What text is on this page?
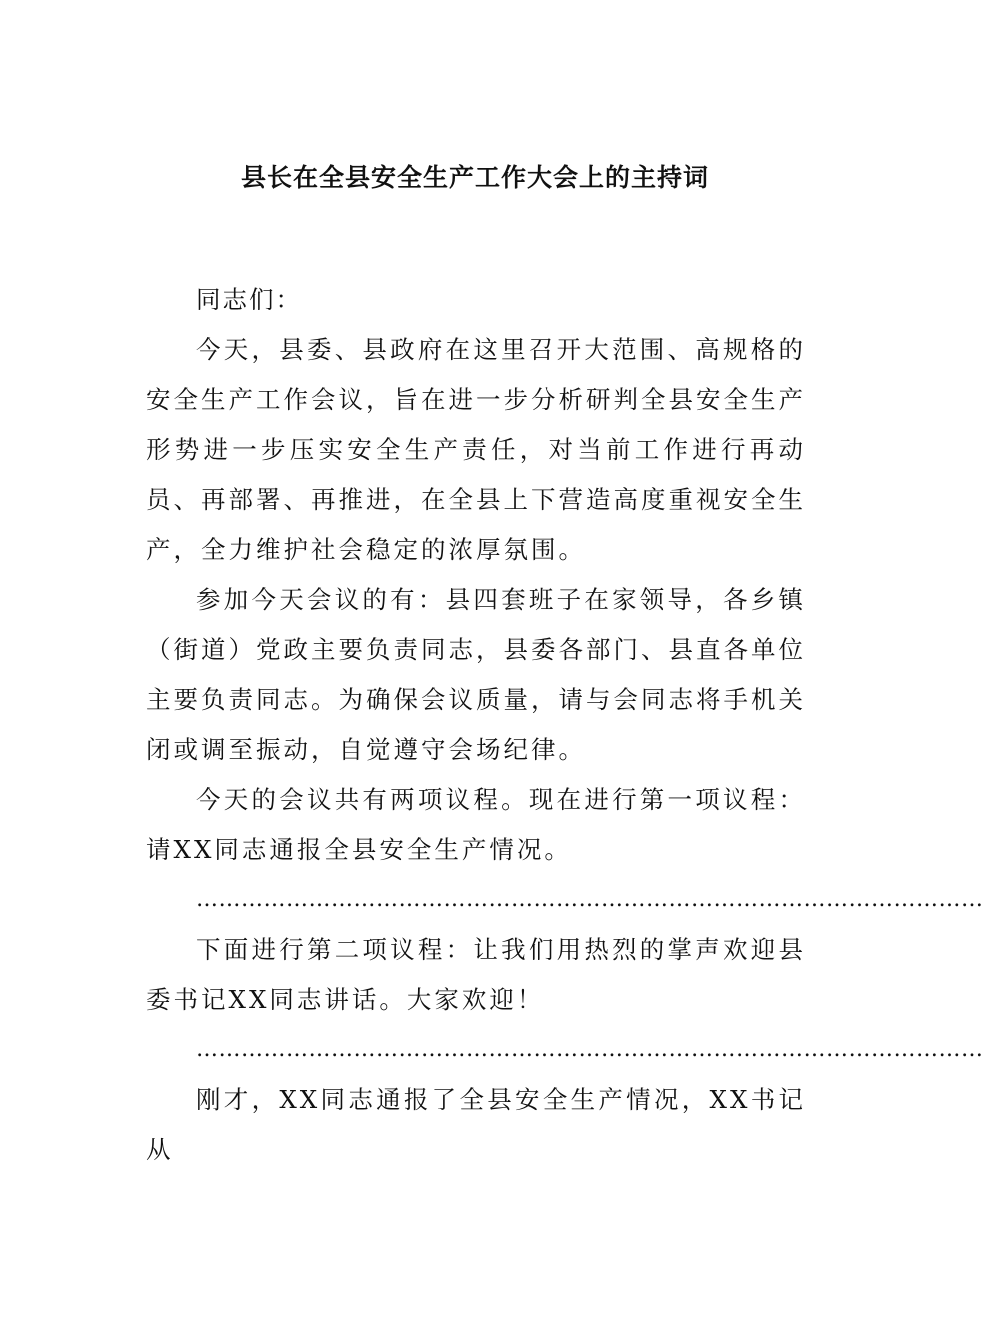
县长在全县安全生产工作大会上的主持词

同志们：

今天，县委、县政府在这里召开大范围、高规格的安全生产工作会议，旨在进一步分析研判全县安全生产形势进一步压实安全生产责任，对当前工作进行再动员、再部署、再推进，在全县上下营造高度重视安全生产，全力维护社会稳定的浓厚氛围。

参加今天会议的有：县四套班子在家领导，各乡镇（街道）党政主要负责同志，县委各部门、县直各单位主要负责同志。为确保会议质量，请与会同志将手机关闭或调至振动，自觉遵守会场纪律。

今天的会议共有两项议程。现在进行第一项议程：请XX同志通报全县安全生产情况。

……………………………………………………………………………………………

下面进行第二项议程：让我们用热烈的掌声欢迎县委书记XX同志讲话。大家欢迎！

……………………………………………………………………………………………

刚才，XX同志通报了全县安全生产情况，XX书记从
